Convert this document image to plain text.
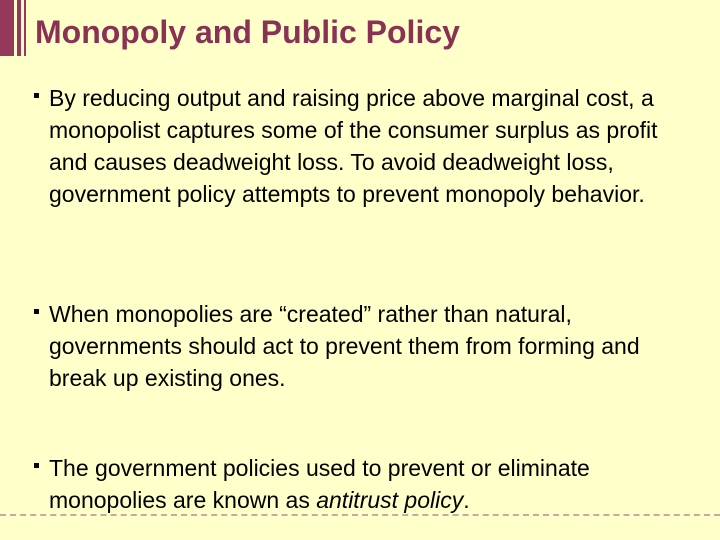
Monopoly and Public Policy

By reducing output and raising price above marginal cost, a monopolist captures some of the consumer surplus as profit and causes deadweight loss. To avoid deadweight loss, government policy attempts to prevent monopoly behavior.

When monopolies are “created” rather than natural, governments should act to prevent them from forming and break up existing ones.

The government policies used to prevent or eliminate monopolies are known as antitrust policy.
